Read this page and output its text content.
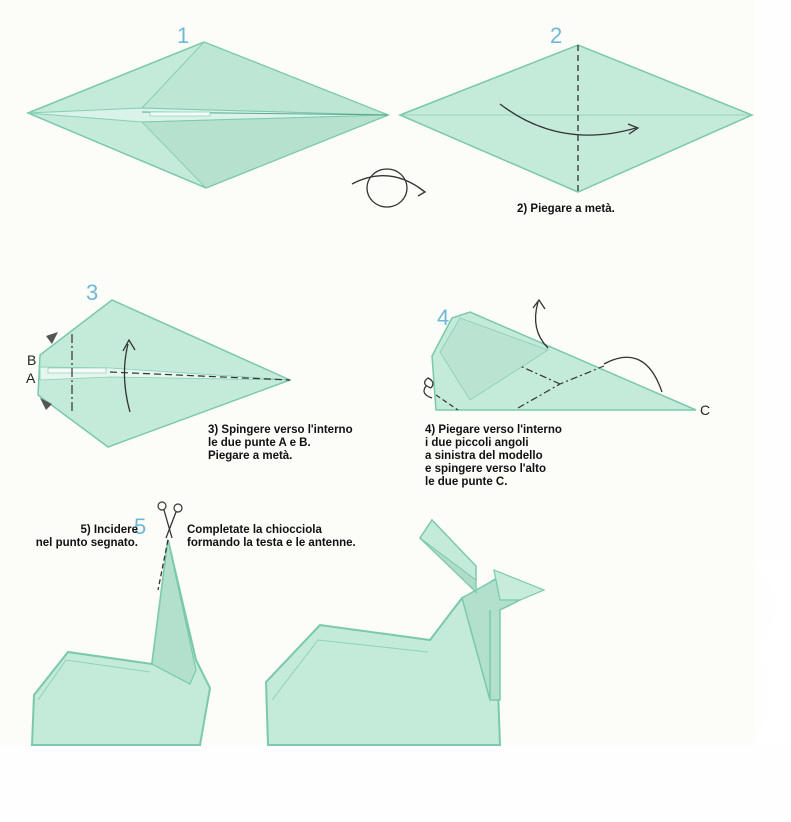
1	2
3
4
5
B
A
C
2) Piegare a metà.
3) Spingere verso l'interno
le due punte A e B.
Piegare a metà.
4) Piegare verso l'interno
i due piccoli angoli
a sinistra del modello
e spingere verso l'alto
le due punte C.
5) Incidere
nel punto segnato.
Completate la chiocciola
formando la testa e le antenne.
